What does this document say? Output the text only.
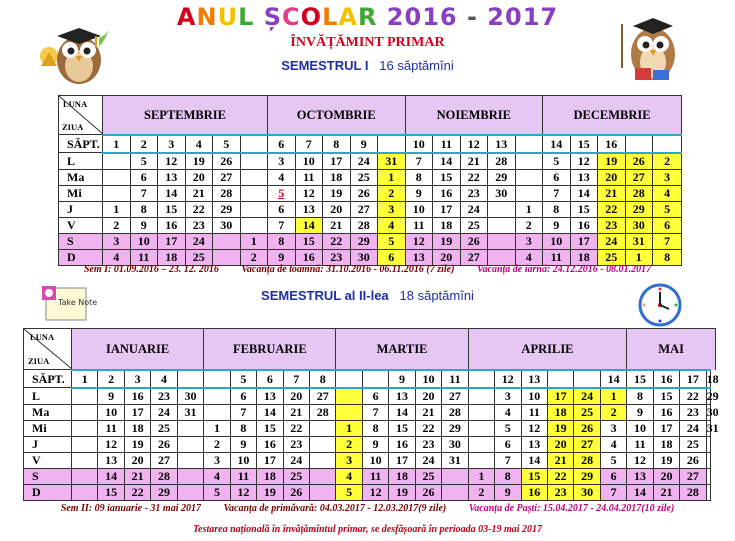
ANUL ȘCOLAR 2016 - 2017
ÎNVĂȚĂMINT PRIMAR
SEMESTRUL I 16 săptămîni
LUNA
ZIUA	SEPTEMBRIE						OCTOMBRIE					NOIEMBRIE					DECEMBRIE	
SĂPT.	1	2	3	4	5		6	7	8	9		10	11	12	13		14	15	16			
L		5	12	19	26		3	10	17	24	31	7	14	21	28		5	12	19	26	2	
Ma		6	13	20	27		4	11	18	25	1	8	15	22	29		6	13	20	27	3	
Mi		7	14	21	28		5	12	19	26	2	9	16	23	30		7	14	21	28	4	
J	1	8	15	22	29		6	13	20	27	3	10	17	24		1	8	15	22	29	5	
V	2	9	16	23	30		7	14	21	28	4	11	18	25		2	9	16	23	30	6	
S	3	10	17	24		1	8	15	22	29	5	12	19	26		3	10	17	24	31	7	
D	4	11	18	25		2	9	16	23	30	6	13	20	27		4	11	18	25	1	8	
Sem I: 01.09.2016 – 23. 12. 2016 Vacanța de toamnă: 31.10.2016 - 06.11.2016 (7 zile) Vacanța de iarnă: 24.12.2016 - 08.01.2017
Take Note	SEMESTRUL al II-lea 18 săptămîni
LUNA
ZIUA	IANUARIE					FEBRUARIE					MARTIE					APRILIE						MAI			
SĂPT.	1	2	3	4			5	6	7	8			9	10	11		12	13			14	15	16	17	18
L		9	16	23	30		6	13	20	27		6	13	20	27		3	10	17	24	1	8	15	22	29
Ma		10	17	24	31		7	14	21	28		7	14	21	28		4	11	18	25	2	9	16	23	30
Mi		11	18	25		1	8	15	22		1	8	15	22	29		5	12	19	26	3	10	17	24	31
J		12	19	26		2	9	16	23		2	9	16	23	30		6	13	20	27	4	11	18	25	
V		13	20	27		3	10	17	24		3	10	17	24	31		7	14	21	28	5	12	19	26	
S		14	21	28		4	11	18	25		4	11	18	25		1	8	15	22	29	6	13	20	27	
D		15	22	29		5	12	19	26		5	12	19	26		2	9	16	23	30	7	14	21	28	
Sem II: 09 ianuarie - 31 mai 2017 Vacanța de primăvară: 04.03.2017 - 12.03.2017(9 zile) Vacanța de Paști: 15.04.2017 - 24.04.2017(10 zile)
Testarea națională în învățămîntul primar, se desfășoară în perioada 03-19 mai 2017
